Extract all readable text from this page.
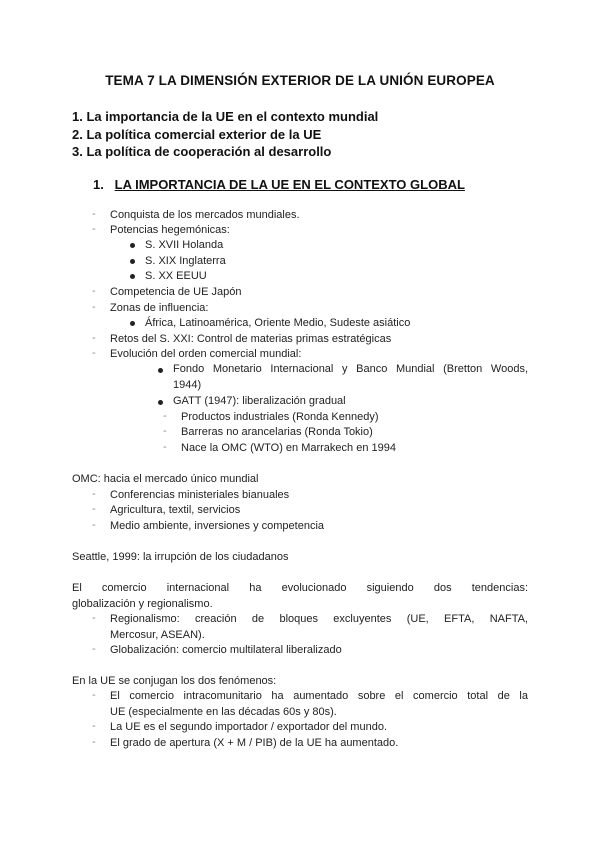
TEMA 7 LA DIMENSIÓN EXTERIOR DE LA UNIÓN EUROPEA
1. La importancia de la UE en el contexto mundial
2. La política comercial exterior de la UE
3. La política de cooperación al desarrollo
1. LA IMPORTANCIA DE LA UE EN EL CONTEXTO GLOBAL
- Conquista de los mercados mundiales.
- Potencias hegemónicas:
S. XVII Holanda
S. XIX Inglaterra
S. XX EEUU
- Competencia de UE Japón
- Zonas de influencia:
África, Latinoamérica, Oriente Medio, Sudeste asiático
- Retos del S. XXI: Control de materias primas estratégicas
- Evolución del orden comercial mundial:
Fondo Monetario Internacional y Banco Mundial (Bretton Woods,
1944)
GATT (1947): liberalización gradual
- Productos industriales (Ronda Kennedy)
- Barreras no arancelarias (Ronda Tokio)
- Nace la OMC (WTO) en Marrakech en 1994
OMC: hacia el mercado único mundial
- Conferencias ministeriales bianuales
- Agricultura, textil, servicios
- Medio ambiente, inversiones y competencia
Seattle, 1999: la irrupción de los ciudadanos
El comercio internacional ha evolucionado siguiendo dos tendencias:
globalización y regionalismo.
- Regionalismo: creación de bloques excluyentes (UE, EFTA, NAFTA,
Mercosur, ASEAN).
- Globalización: comercio multilateral liberalizado
En la UE se conjugan los dos fenómenos:
- El comercio intracomunitario ha aumentado sobre el comercio total de la
UE (especialmente en las décadas 60s y 80s).
- La UE es el segundo importador / exportador del mundo.
- El grado de apertura (X + M / PIB) de la UE ha aumentado.
